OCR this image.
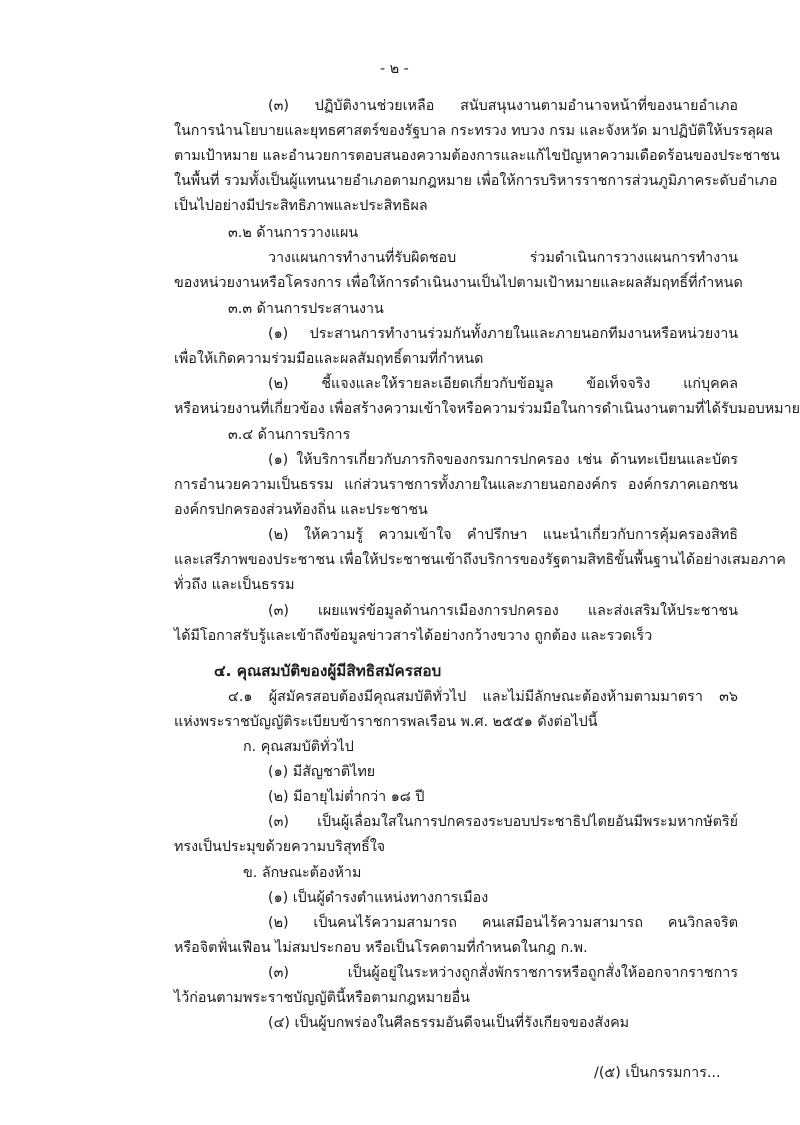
- ๒ -
(๓) ปฏิบัติงานช่วยเหลือ สนับสนุนงานตามอำนาจหน้าที่ของนายอำเภอ
ในการนำนโยบายและยุทธศาสตร์ของรัฐบาล กระทรวง ทบวง กรม และจังหวัด มาปฏิบัติให้บรรลุผล
ตามเป้าหมาย และอำนวยการตอบสนองความต้องการและแก้ไขปัญหาความเดือดร้อนของประชาชน
ในพื้นที่ รวมทั้งเป็นผู้แทนนายอำเภอตามกฎหมาย เพื่อให้การบริหารราชการส่วนภูมิภาคระดับอำเภอ
เป็นไปอย่างมีประสิทธิภาพและประสิทธิผล
๓.๒ ด้านการวางแผน
วางแผนการทำงานที่รับผิดชอบ ร่วมดำเนินการวางแผนการทำงาน
ของหน่วยงานหรือโครงการ เพื่อให้การดำเนินงานเป็นไปตามเป้าหมายและผลสัมฤทธิ์ที่กำหนด
๓.๓ ด้านการประสานงาน
(๑) ประสานการทำงานร่วมกันทั้งภายในและภายนอกทีมงานหรือหน่วยงาน
เพื่อให้เกิดความร่วมมือและผลสัมฤทธิ์ตามที่กำหนด
(๒) ชี้แจงและให้รายละเอียดเกี่ยวกับข้อมูล ข้อเท็จจริง แก่บุคคล
หรือหน่วยงานที่เกี่ยวข้อง เพื่อสร้างความเข้าใจหรือความร่วมมือในการดำเนินงานตามที่ได้รับมอบหมาย
๓.๔ ด้านการบริการ
(๑) ให้บริการเกี่ยวกับภารกิจของกรมการปกครอง เช่น ด้านทะเบียนและบัตร
การอำนวยความเป็นธรรม แก่ส่วนราชการทั้งภายในและภายนอกองค์กร องค์กรภาคเอกชน
องค์กรปกครองส่วนท้องถิ่น และประชาชน
(๒) ให้ความรู้ ความเข้าใจ คำปรึกษา แนะนำเกี่ยวกับการคุ้มครองสิทธิ
และเสรีภาพของประชาชน เพื่อให้ประชาชนเข้าถึงบริการของรัฐตามสิทธิขั้นพื้นฐานได้อย่างเสมอภาค
ทั่วถึง และเป็นธรรม
(๓) เผยแพร่ข้อมูลด้านการเมืองการปกครอง และส่งเสริมให้ประชาชน
ได้มีโอกาสรับรู้และเข้าถึงข้อมูลข่าวสารได้อย่างกว้างขวาง ถูกต้อง และรวดเร็ว
๔. คุณสมบัติของผู้มีสิทธิสมัครสอบ
๔.๑ ผู้สมัครสอบต้องมีคุณสมบัติทั่วไป และไม่มีลักษณะต้องห้ามตามมาตรา ๓๖
แห่งพระราชบัญญัติระเบียบข้าราชการพลเรือน พ.ศ. ๒๕๕๑ ดังต่อไปนี้
ก. คุณสมบัติทั่วไป
(๑) มีสัญชาติไทย
(๒) มีอายุไม่ต่ำกว่า ๑๘ ปี
(๓) เป็นผู้เลื่อมใสในการปกครองระบอบประชาธิปไตยอันมีพระมหากษัตริย์
ทรงเป็นประมุขด้วยความบริสุทธิ์ใจ
ข. ลักษณะต้องห้าม
(๑) เป็นผู้ดำรงตำแหน่งทางการเมือง
(๒) เป็นคนไร้ความสามารถ คนเสมือนไร้ความสามารถ คนวิกลจริต
หรือจิตฟั่นเฟือน ไม่สมประกอบ หรือเป็นโรคตามที่กำหนดในกฎ ก.พ.
(๓) เป็นผู้อยู่ในระหว่างถูกสั่งพักราชการหรือถูกสั่งให้ออกจากราชการ
ไว้ก่อนตามพระราชบัญญัตินี้หรือตามกฎหมายอื่น
(๔) เป็นผู้บกพร่องในศีลธรรมอันดีจนเป็นที่รังเกียจของสังคม
/(๕) เป็นกรรมการ...
